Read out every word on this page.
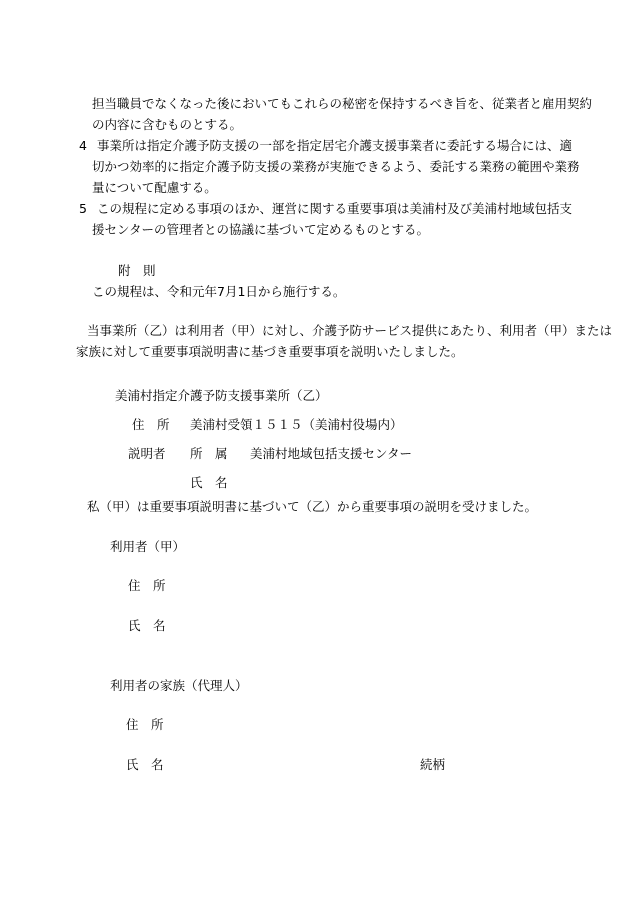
担当職員でなくなった後においてもこれらの秘密を保持するべき旨を、従業者と雇用契約
の内容に含むものとする。
4 事業所は指定介護予防支援の一部を指定居宅介護支援事業者に委託する場合には、適
切かつ効率的に指定介護予防支援の業務が実施できるよう、委託する業務の範囲や業務
量について配慮する。
5 この規程に定める事項のほか、運営に関する重要事項は美浦村及び美浦村地域包括支
援センターの管理者との協議に基づいて定めるものとする。
附　則
この規程は、令和元年7月1日から施行する。
当事業所（乙）は利用者（甲）に対し、介護予防サービス提供にあたり、利用者（甲）または
家族に対して重要事項説明書に基づき重要事項を説明いたしました。
美浦村指定介護予防支援事業所（乙）
住　所 美浦村受領１５１５（美浦村役場内）
説明者 所　属 美浦村地域包括支援センター
氏　名
私（甲）は重要事項説明書に基づいて（乙）から重要事項の説明を受けました。
利用者（甲）
住　所
氏　名
利用者の家族（代理人）
住　所
氏　名	続柄
